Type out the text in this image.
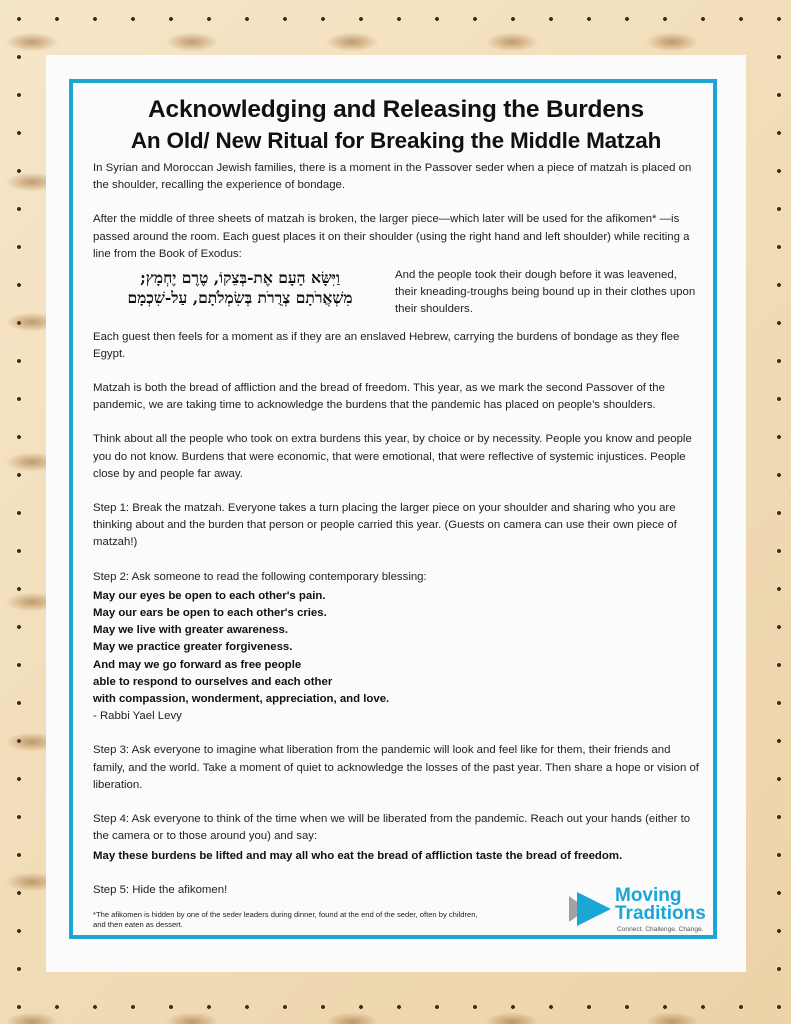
Acknowledging and Releasing the Burdens
An Old/ New Ritual for Breaking the Middle Matzah

In Syrian and Moroccan Jewish families, there is a moment in the Passover seder when a piece of matzah is placed on the shoulder, recalling the experience of bondage.

After the middle of three sheets of matzah is broken, the larger piece—which later will be used for the afikomen* —is passed around the room. Each guest places it on their shoulder (using the right hand and left shoulder) while reciting a line from the Book of Exodus:

וַיִּשָּׂא הָעָם אֶת-בְּצֵקוֹ, טֶרֶם יֶחְמָץ;
מִשְׁאֲרֹתָם צְרֻרֹת בְּשִׂמְלֹתָם, עַל-שִׁכְמָם
And the people took their dough before it was leavened, their kneading-troughs being bound up in their clothes upon their shoulders.

Each guest then feels for a moment as if they are an enslaved Hebrew, carrying the burdens of bondage as they flee Egypt.

Matzah is both the bread of affliction and the bread of freedom. This year, as we mark the second Passover of the pandemic, we are taking time to acknowledge the burdens that the pandemic has placed on people’s shoulders.

Think about all the people who took on extra burdens this year, by choice or by necessity. People you know and people you do not know. Burdens that were economic, that were emotional, that were reflective of systemic injustices. People close by and people far away.

Step 1: Break the matzah. Everyone takes a turn placing the larger piece on your shoulder and sharing who you are thinking about and the burden that person or people carried this year. (Guests on camera can use their own piece of matzah!)

Step 2: Ask someone to read the following contemporary blessing:

May our eyes be open to each other's pain.
May our ears be open to each other's cries.
May we live with greater awareness.
May we practice greater forgiveness.
And may we go forward as free people
able to respond to ourselves and each other
with compassion, wonderment, appreciation, and love.

- Rabbi Yael Levy

Step 3: Ask everyone to imagine what liberation from the pandemic will look and feel like for them, their friends and family, and the world. Take a moment of quiet to acknowledge the losses of the past year. Then share a hope or vision of liberation.

Step 4: Ask everyone to think of the time when we will be liberated from the pandemic. Reach out your hands (either to the camera or to those around you) and say:

May these burdens be lifted and may all who eat the bread of affliction taste the bread of freedom.

Step 5: Hide the afikomen!

*The afikomen is hidden by one of the seder leaders during dinner, found at the end of the seder, often by children,
and then eaten as dessert.
Moving
Traditions
Connect. Challenge. Change.
